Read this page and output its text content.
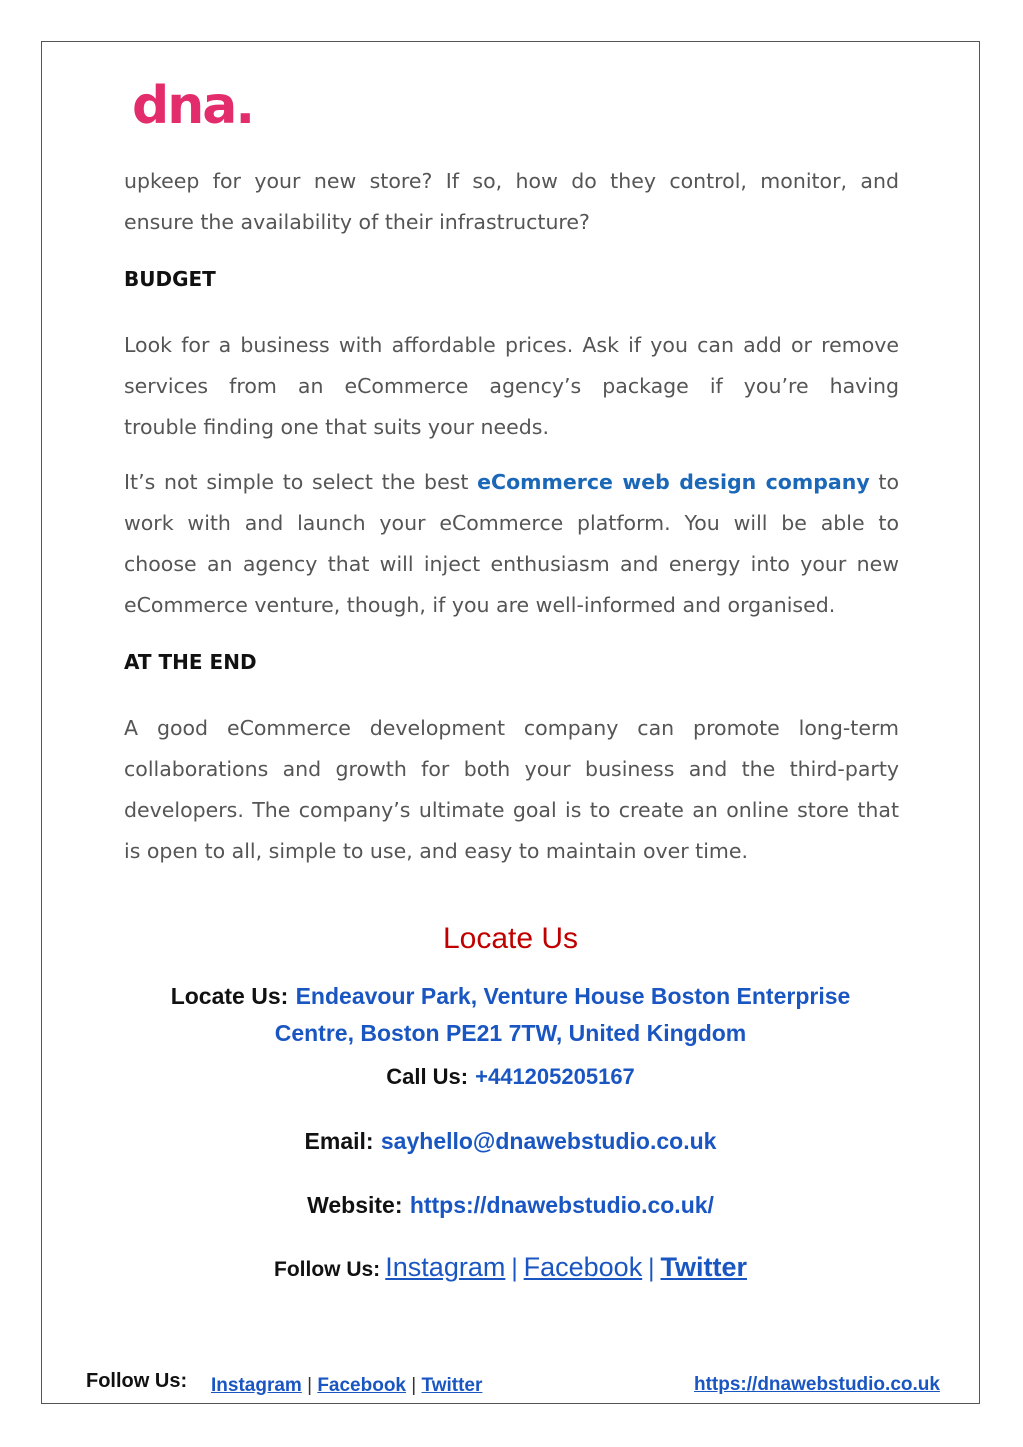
dna.
upkeep for your new store? If so, how do they control, monitor, and
ensure the availability of their infrastructure?
BUDGET
Look for a business with affordable prices. Ask if you can add or remove
services from an eCommerce agency’s package if you’re having
trouble finding one that suits your needs.
It’s not simple to select the best eCommerce web design company to
work with and launch your eCommerce platform. You will be able to
choose an agency that will inject enthusiasm and energy into your new
eCommerce venture, though, if you are well-informed and organised.
AT THE END
A good eCommerce development company can promote long-term
collaborations and growth for both your business and the third-party
developers. The company’s ultimate goal is to create an online store that
is open to all, simple to use, and easy to maintain over time.
Locate Us
Locate Us: Endeavour Park, Venture House Boston Enterprise
Centre, Boston PE21 7TW, United Kingdom
Call Us: +441205205167
Email: sayhello@dnawebstudio.co.uk
Website: https://dnawebstudio.co.uk/
Follow Us: Instagram | Facebook | Twitter
Follow Us: Instagram | Facebook | Twitter	https://dnawebstudio.co.uk
